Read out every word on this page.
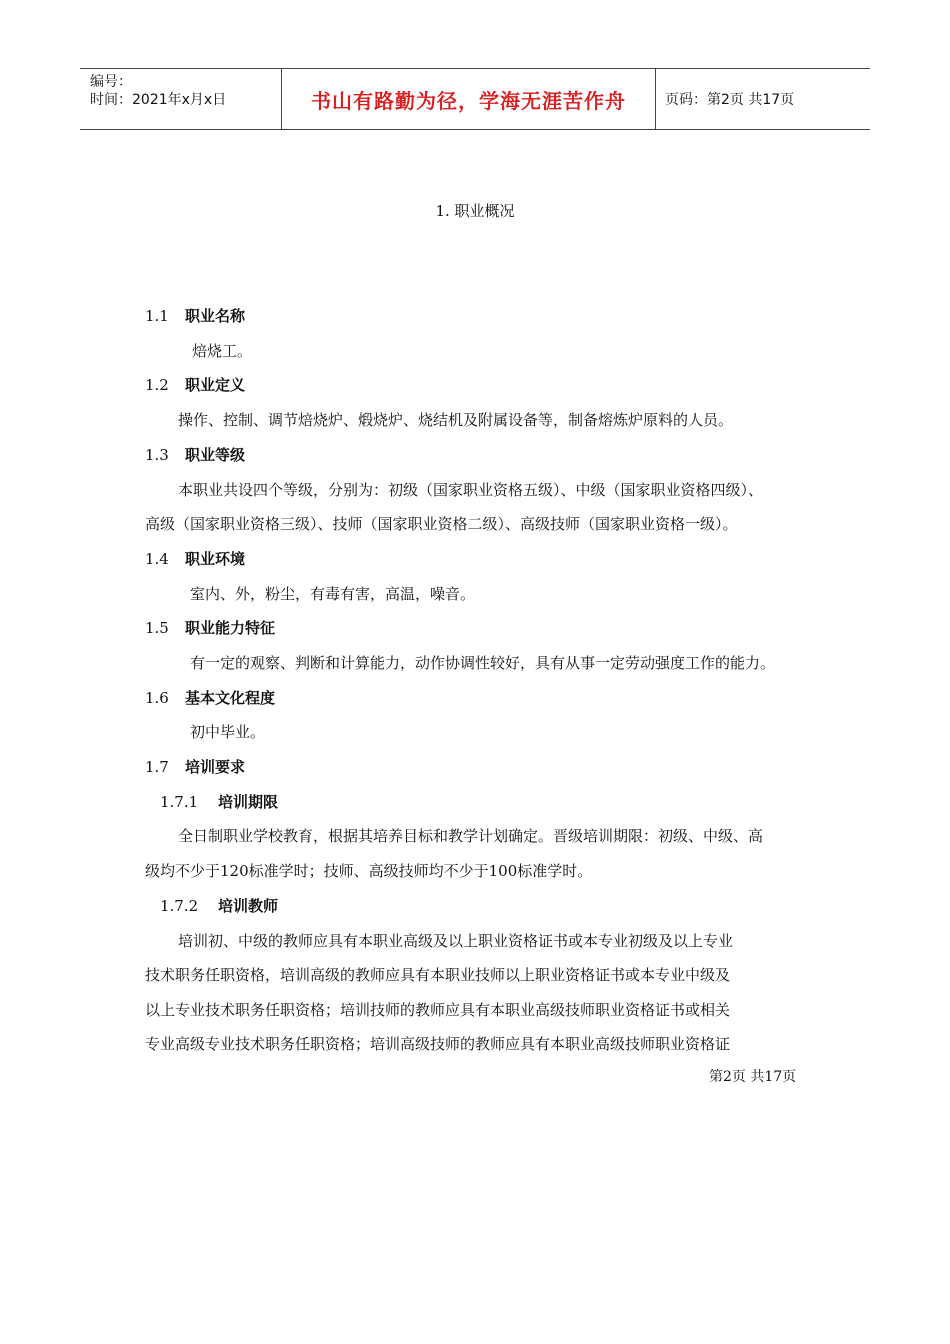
编号：
时间：2021年x月x日	书山有路勤为径，学海无涯苦作舟	页码：第2页 共17页
1. 职业概况
1.1 职业名称
焙烧工。
1.2 职业定义
操作、控制、调节焙烧炉、煅烧炉、烧结机及附属设备等，制备熔炼炉原料的人员。
1.3 职业等级
本职业共设四个等级，分别为：初级（国家职业资格五级）、中级（国家职业资格四级）、
高级（国家职业资格三级）、技师（国家职业资格二级）、高级技师（国家职业资格一级）。
1.4 职业环境
室内、外，粉尘，有毒有害，高温，噪音。
1.5 职业能力特征
有一定的观察、判断和计算能力，动作协调性较好，具有从事一定劳动强度工作的能力。
1.6 基本文化程度
初中毕业。
1.7 培训要求
1.7.1 培训期限
全日制职业学校教育，根据其培养目标和教学计划确定。晋级培训期限：初级、中级、高
级均不少于120标准学时；技师、高级技师均不少于100标准学时。
1.7.2 培训教师
培训初、中级的教师应具有本职业高级及以上职业资格证书或本专业初级及以上专业
技术职务任职资格，培训高级的教师应具有本职业技师以上职业资格证书或本专业中级及
以上专业技术职务任职资格；培训技师的教师应具有本职业高级技师职业资格证书或相关
专业高级专业技术职务任职资格；培训高级技师的教师应具有本职业高级技师职业资格证
第2页 共17页
